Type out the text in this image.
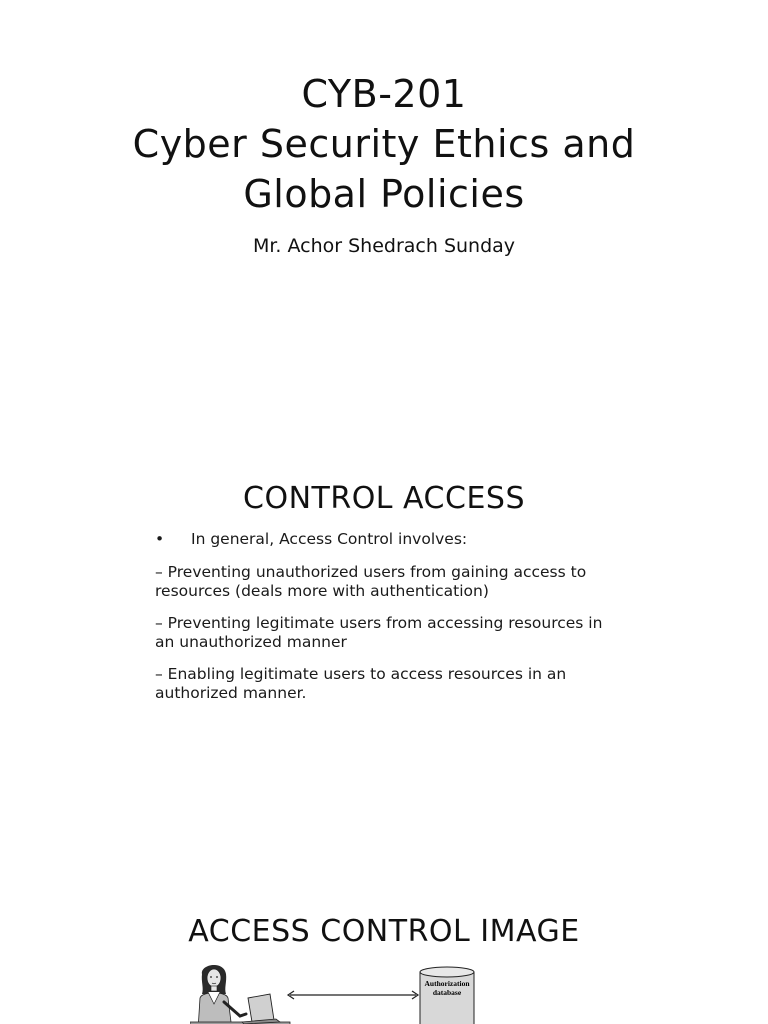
CYB-201
Cyber Security Ethics and
Global Policies
Mr. Achor Shedrach Sunday
CONTROL ACCESS
• In general, Access Control involves:
– Preventing unauthorized users from gaining access to resources (deals more with authentication)
– Preventing legitimate users from accessing resources in an unauthorized manner
– Enabling legitimate users to access resources in an authorized manner.
ACCESS CONTROL IMAGE
Authorization
database
